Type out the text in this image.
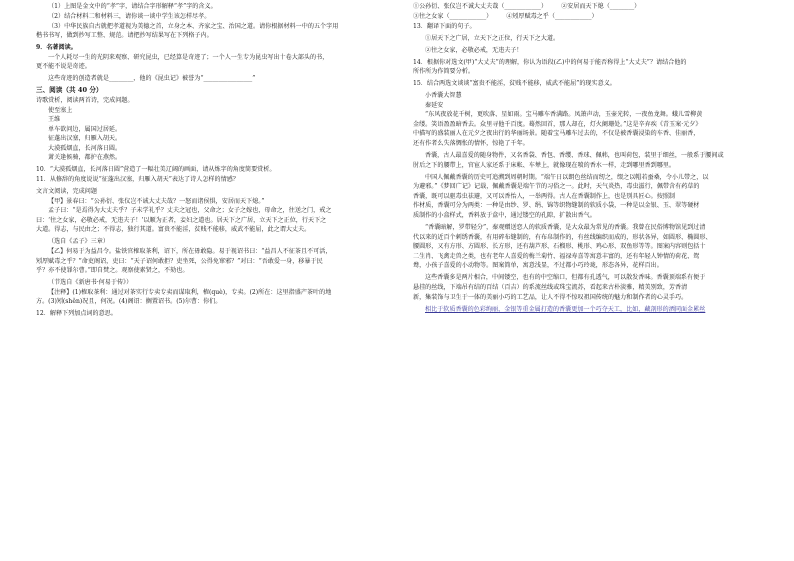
（1）上图是金文中的“孝”字，请结合字形解释“孝”字的含义。
（2）结合材料二和材料三，请你谈一谈中学生该怎样尽孝。
（3）中华民族自古就把孝道视为美德之首，立身之本、齐家之宝、治国之道。请你根据材料一中的五个字用
楷书书写，做到抄写工整、规范。请把抄写结果写在下列格子内。
9．名著阅读。
一个人耗尽一生的光阴来观察、研究昆虫，已经算是奇迹了；一个人一生专为昆虫写出十卷大部头的书，
更不能不说是奇迹。
这些奇迹的创造者就是________，他的《昆虫记》被誉为“________________”
三、阅读（共 40 分）
诗歌赏析，阅读两首诗，完成问题。
使至塞上
王维
单车欲问边，属国过居延。
征蓬出汉塞，归雁入胡天。
大漠孤烟直，长河落日圆。
萧关逢候骑，都护在燕然。
10．“大漠孤烟直，长河落日圆”营造了一幅壮美辽阔的画面，请从炼字的角度简要赏析。
11．从修辞的角度说说“征蓬出汉塞，归雁入胡天”表达了诗人怎样的情感？
文言文阅读，完成问题
【甲】景春曰：“公孙衍、张仪岂不诚大丈夫哉？一怒而诸侯惧，安居而天下熄。”
孟子曰：“是焉得为大丈夫乎？子未学礼乎？丈夫之冠也，父命之；女子之嫁也，母命之，往送之门，戒之
曰：‘往之女家，必敬必戒，无违夫子！’以顺为正者，妾妇之道也。居天下之广居，立天下之正位，行天下之
大道。得志，与民由之；不得志，独行其道。富贵不能淫，贫贱不能移，威武不能屈，此之谓大丈夫。
（选自《孟子》三章）
【乙】何易于为益昌令。盐铁官榷取茶利，诏下，所在毋敢隐。易于视诏书曰：“益昌人不征茶且不可活，
矧厚赋毒之乎？”命吏阁诏，吏曰：“天子诏何敢拒？吏坐死，公得免窜邪？”对曰：“吾敢爱一身，移暴于民
乎？亦不使罪尔曹。”即自焚之。观察使素贤之，不劾也。
（节选自《新唐书·何易于传》）
【注释】(1)榷取茶利：通过对茶实行专卖专卖而谋取利，榷(què)，专卖。(2)所在：这里指盛产茶叶的地
方。(3)矧(shěn)况且，何况。(4)阁诏：搁置诏书。(5)尔曹：你们。
12．解释下列加点词的意思。
①公孙衍、张仪岂不诚大丈夫哉（____________） ②安居而天下熄（________）
③往之女家（____________） ④矧厚赋毒之乎（____________）
13．翻译下面的句子。
①居天下之广居，立天下之正位，行天下之大道。
②往之女家，必敬必戒，无违夫子！
14．根据你对选文(甲)“大丈夫”的理解，你认为语段(乙)中的何易于能否称得上“大丈夫”？请结合他的
所作所为作简要分析。
15．结合两选文谈谈“富贵不能淫，贫贱不能移，威武不能屈”的现实意义。
小香囊大智慧
秦延安
“东风夜放花千树，更吹落、星如雨。宝马雕车香满路。凤箫声动，玉壶光转，一夜鱼龙舞。蛾儿雪柳黄
金缕。笑语盈盈暗香去。众里寻他千百度。蓦然回首，那人却在，灯火阑珊处。”这是辛弃疾《青玉案·元夕》
中描写的盛装丽人在元夕之夜出行的华丽场景。随着宝马雕车过去的，不仅是被香囊浸染的车香、佳丽香，
还有作者么失落惆怅的情怀，惊艳了千年。
香囊，古人最喜爱的随身物件，又名香袋、香包、香缨、香球、佩帏，也叫荷包，装里于细丝，一般系于腰间或
肘后之下的腰带上，官宦人家还系于床帐、车辇上，就像现在喷的香水一样，走到哪里香到哪里。
中国人佩戴香囊的历史可追溯到周朝时期。“端午日以朗色丝结而纫之，缀之以帽若蚕桑，令小儿带之，以
为避邪。”《梦回广记》记载，佩戴香囊是端午节的习俗之一。此时，天气炎热，毒虫滋行，佩带含有药草的
香囊，既可以驱毒虫祛避，又可以香怡人，一举两得。古人在香囊制作上，也是别具匠心。按照制
作材质，香囊可分为两类：一种是由纱、罗、绢、锦等织物缝制的软质小袋，一种是以金银、玉、翠等硬材
质制作的小盒样式，香料放于盒中，通过镂空的孔隙，扩散出香气。
“香囊暗解，罗带轻分”，秦观赠送恋人的软质香囊，是大众最为常见的香囊。我曾在民俗博物馆见到过清
代以来的近百个刺绣香囊，有用碎布缝制的，有布帛制作的，有丝线编织而成的，形状各异，如圆形、椭圆形、
腰圆形，又有方形、方圆形、长方形，还有葫芦形、石榴形、桃形、鸡心形、双鱼形等等。图案内容则包括十
二生肖、飞禽走兽之类，也有老年人喜爱的梅兰菊竹、福禄寿喜等寓意丰富的，还有年轻人钟情的荷花、鸳
鸯，小孩子喜爱的小动物等。图案简单，寓意浅显，不过都小巧玲珑，形态各异，花样百出。
这些香囊多是两片相合，中间镂空，也有的中空缩口，但都有孔透气，可以散发香味。香囊顶端系有便于
悬挂的丝线，下端吊有结的百结（百吉）的系流丝线或珠宝流苏，看起来古朴淡雅，精美别致，芳香清
新，集装饰与卫生于一体的美丽小巧的工艺品，让人不得不惊叹祖国传统的魅力和制作者的心灵手巧。
相比于软质香囊的色彩绚丽，金银等重金属打造的香囊更加一个巧夺天工，比如，藏剖形的洒同面金累丝
